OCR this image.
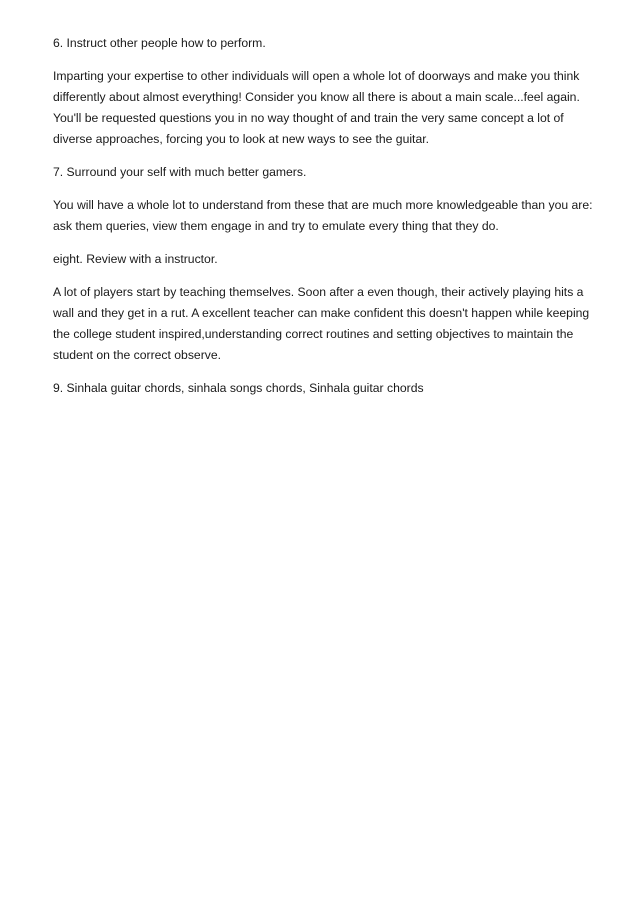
6. Instruct other people how to perform.

Imparting your expertise to other individuals will open a whole lot of doorways and make you think differently about almost everything! Consider you know all there is about a main scale...feel again. You'll be requested questions you in no way thought of and train the very same concept a lot of diverse approaches, forcing you to look at new ways to see the guitar.

7. Surround your self with much better gamers.

You will have a whole lot to understand from these that are much more knowledgeable than you are: ask them queries, view them engage in and try to emulate every thing that they do.

eight. Review with a instructor.

A lot of players start by teaching themselves. Soon after a even though, their actively playing hits a wall and they get in a rut. A excellent teacher can make confident this doesn't happen while keeping the college student inspired,understanding correct routines and setting objectives to maintain the student on the correct observe.

9. Sinhala guitar chords, sinhala songs chords, Sinhala guitar chords
